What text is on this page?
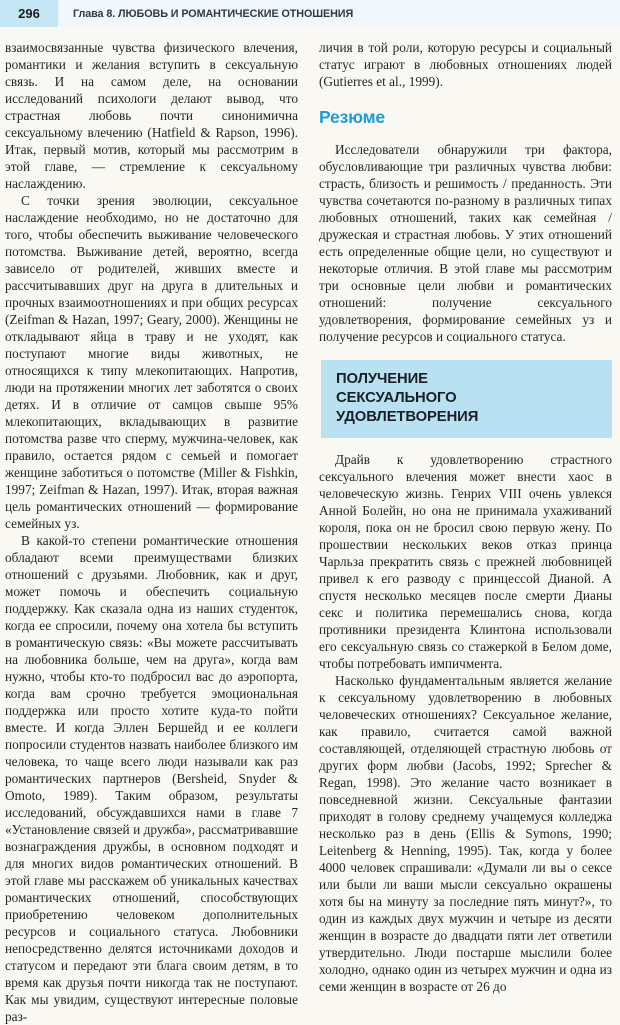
296	Глава 8. ЛЮБОВЬ И РОМАНТИЧЕСКИЕ ОТНОШЕНИЯ

взаимосвязанные чувства физического влечения, романтики и желания вступить в сексуальную связь. И на самом деле, на основании исследований психологи делают вывод, что страстная любовь почти синонимична сексуальному влечению (Hatfield & Rapson, 1996). Итак, первый мотив, который мы рассмотрим в этой главе, — стремление к сексуальному наслаждению.

С точки зрения эволюции, сексуальное наслаждение необходимо, но не достаточно для того, чтобы обеспечить выживание человеческого потомства. Выживание детей, вероятно, всегда зависело от родителей, живших вместе и рассчитывавших друг на друга в длительных и прочных взаимоотношениях и при общих ресурсах (Zeifman & Hazan, 1997; Geary, 2000). Женщины не откладывают яйца в траву и не уходят, как поступают многие виды животных, не относящихся к типу млекопитающих. Напротив, люди на протяжении многих лет заботятся о своих детях. И в отличие от самцов свыше 95% млекопитающих, вкладывающих в развитие потомства разве что сперму, мужчина-человек, как правило, остается рядом с семьей и помогает женщине заботиться о потомстве (Miller & Fishkin, 1997; Zeifman & Hazan, 1997). Итак, вторая важная цель романтических отношений — формирование семейных уз.

В какой-то степени романтические отношения обладают всеми преимуществами близких отношений с друзьями. Любовник, как и друг, может помочь и обеспечить социальную поддержку. Как сказала одна из наших студенток, когда ее спросили, почему она хотела бы вступить в романтическую связь: «Вы можете рассчитывать на любовника больше, чем на друга», когда вам нужно, чтобы кто-то подбросил вас до аэропорта, когда вам срочно требуется эмоциональная поддержка или просто хотите куда-то пойти вместе. И когда Эллен Бершейд и ее коллеги попросили студентов назвать наиболее близкого им человека, то чаще всего люди называли как раз романтических партнеров (Bersheid, Snyder & Omoto, 1989). Таким образом, результаты исследований, обсуждавшихся нами в главе 7 «Установление связей и дружба», рассматривавшие вознаграждения дружбы, в основном подходят и для многих видов романтических отношений. В этой главе мы расскажем об уникальных качествах романтических отношений, способствующих приобретению человеком дополнительных ресурсов и социального статуса. Любовники непосредственно делятся источниками доходов и статусом и передают эти блага своим детям, в то время как друзья почти никогда так не поступают. Как мы увидим, существуют интересные половые раз-

личия в той роли, которую ресурсы и социальный статус играют в любовных отношениях людей (Gutierres et al., 1999).

Резюме

Исследователи обнаружили три фактора, обусловливающие три различных чувства любви: страсть, близость и решимость / преданность. Эти чувства сочетаются по-разному в различных типах любовных отношений, таких как семейная / дружеская и страстная любовь. У этих отношений есть определенные общие цели, но существуют и некоторые отличия. В этой главе мы рассмотрим три основные цели любви и романтических отношений: получение сексуального удовлетворения, формирование семейных уз и получение ресурсов и социального статуса.

ПОЛУЧЕНИЕ
СЕКСУАЛЬНОГО УДОВЛЕТВОРЕНИЯ

Драйв к удовлетворению страстного сексуального влечения может внести хаос в человеческую жизнь. Генрих VIII очень увлекся Анной Болейн, но она не принимала ухаживаний короля, пока он не бросил свою первую жену. По прошествии нескольких веков отказ принца Чарльза прекратить связь с прежней любовницей привел к его разводу с принцессой Дианой. А спустя несколько месяцев после смерти Дианы секс и политика перемешались снова, когда противники президента Клинтона использовали его сексуальную связь со стажеркой в Белом доме, чтобы потребовать импичмента.

Насколько фундаментальным является желание к сексуальному удовлетворению в любовных человеческих отношениях? Сексуальное желание, как правило, считается самой важной составляющей, отделяющей страстную любовь от других форм любви (Jacobs, 1992; Sprecher & Regan, 1998). Это желание часто возникает в повседневной жизни. Сексуальные фантазии приходят в голову среднему учащемуся колледжа несколько раз в день (Ellis & Symons, 1990; Leitenberg & Henning, 1995). Так, когда у более 4000 человек спрашивали: «Думали ли вы о сексе или были ли ваши мысли сексуально окрашены хотя бы на минуту за последние пять минут?», то один из каждых двух мужчин и четыре из десяти женщин в возрасте до двадцати пяти лет ответили утвердительно. Люди постарше мыслили более холодно, однако один из четырех мужчин и одна из семи женщин в возрасте от 26 до
